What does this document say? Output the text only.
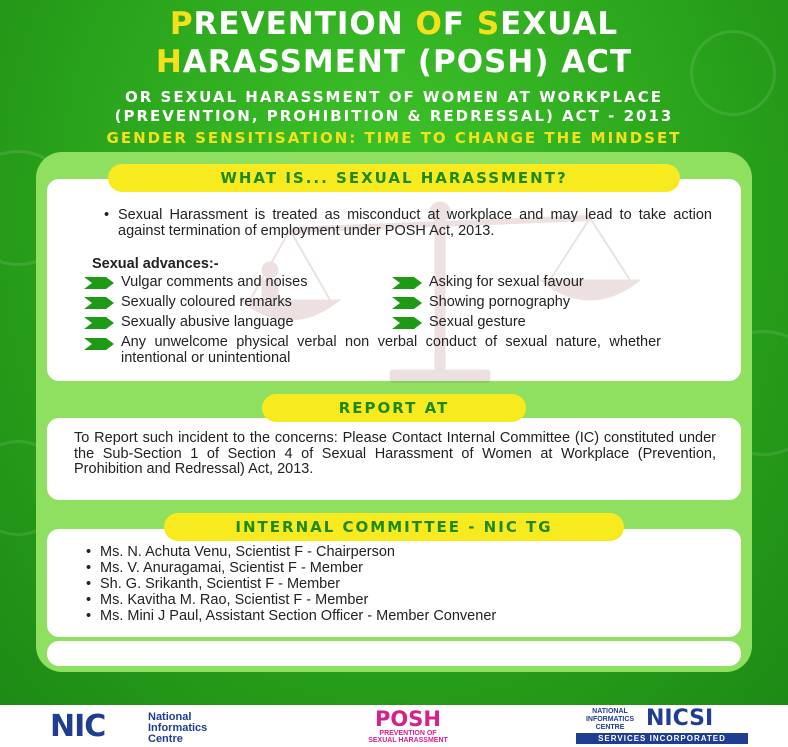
PREVENTION OF SEXUAL
HARASSMENT (POSH) ACT
OR SEXUAL HARASSMENT OF WOMEN AT WORKPLACE
(PREVENTION, PROHIBITION & REDRESSAL) ACT - 2013
GENDER SENSITISATION: TIME TO CHANGE THE MINDSET
WHAT IS... SEXUAL HARASSMENT?
• Sexual Harassment is treated as misconduct at workplace and may lead to take action against termination of employment under POSH Act, 2013.
Sexual advances:-
Vulgar comments and noises	Asking for sexual favour
Sexually coloured remarks	Showing pornography
Sexually abusive language	Sexual gesture
Any unwelcome physical verbal non verbal conduct of sexual nature, whether intentional or unintentional
REPORT AT
To Report such incident to the concerns: Please Contact Internal Committee (IC) constituted under the Sub-Section 1 of Section 4 of Sexual Harassment of Women at Workplace (Prevention, Prohibition and Redressal) Act, 2013.
INTERNAL COMMITTEE - NIC TG
• Ms. N. Achuta Venu, Scientist F - Chairperson
• Ms. V. Anuragamai, Scientist F - Member
• Sh. G. Srikanth, Scientist F - Member
• Ms. Kavitha M. Rao, Scientist F - Member
• Ms. Mini J Paul, Assistant Section Officer - Member Convener
NIC	National
Informatics
Centre
POSH
PREVENTION OF
SEXUAL HARASSMENT
NATIONAL
INFORMATICS
CENTRE NICSI
SERVICES INCORPORATED
